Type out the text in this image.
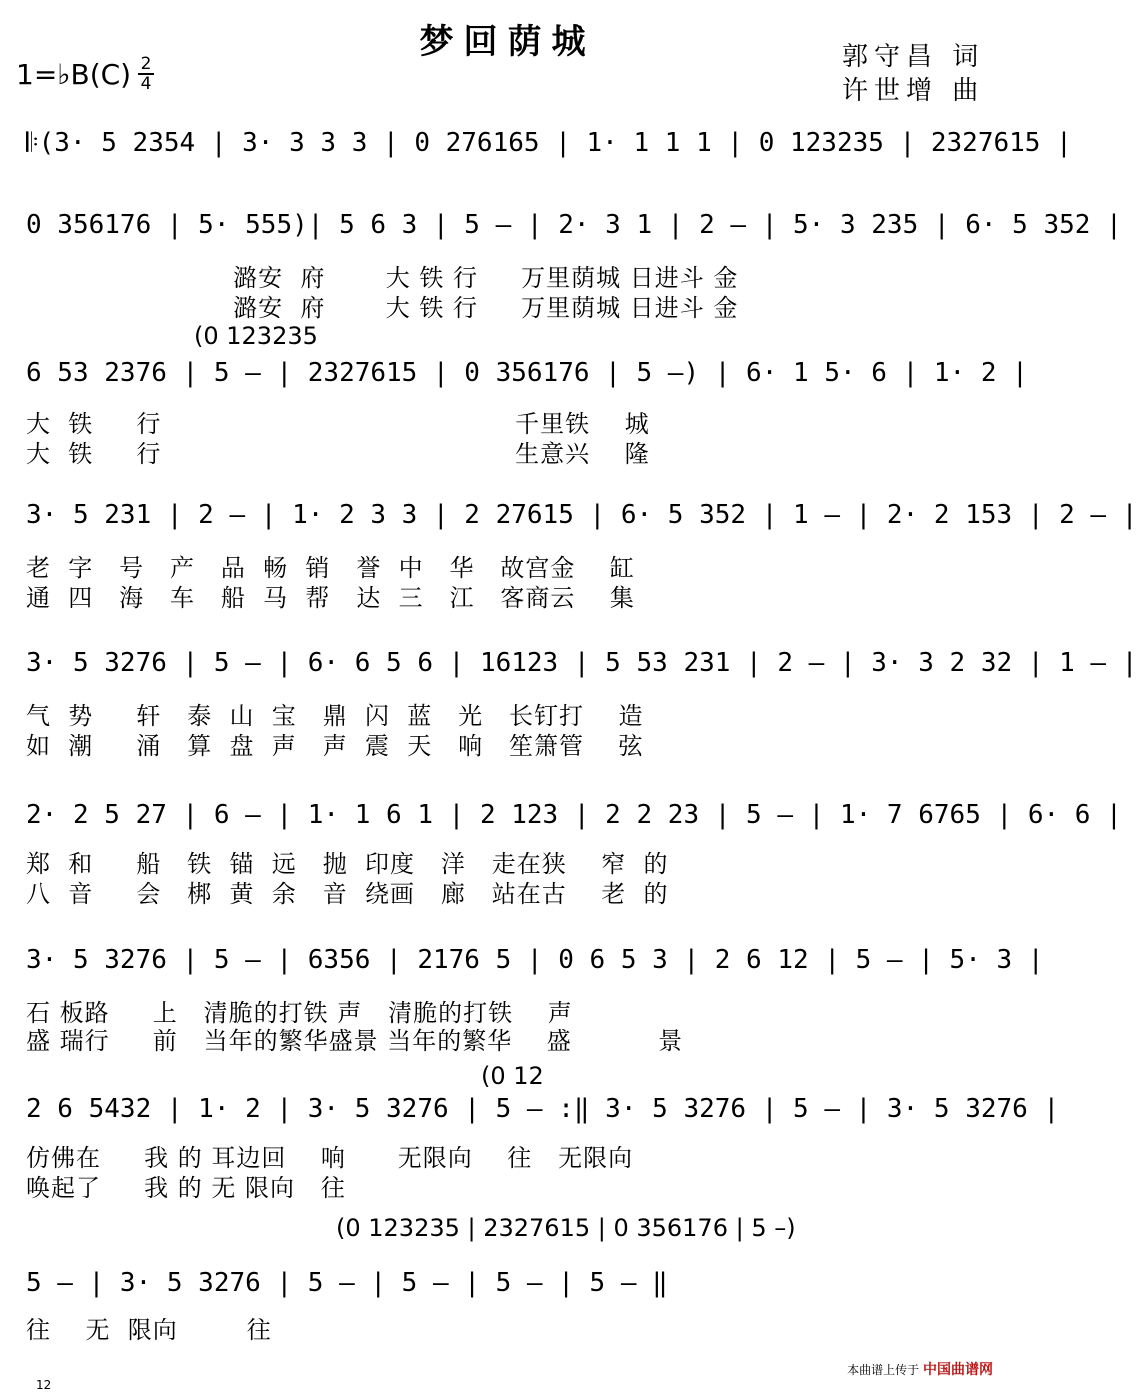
梦回荫城	郭守昌 词
许世增 曲
1=♭B(C) 2
4
𝄆(3· 5 2354 | 3· 3 3 3 | 0 276165 | 1· 1 1 1 | 0 123235 | 2327615 |
0 356176 | 5· 555)| 5 6 3 | 5 – | 2· 3 1 | 2 – | 5· 3 235 | 6· 5 352 |
潞安  府       大 铁 行     万里荫城 日进斗 金
潞安  府       大 铁 行     万里荫城 日进斗 金
(0 123235
6 53 2376 | 5 – | 2327615 | 0 356176 | 5 –) | 6· 1 5· 6 | 1· 2 |
大  铁     行                                         千里铁    城
大  铁     行                                         生意兴    隆
3· 5 231 | 2 – | 1· 2 3 3 | 2 27615 | 6· 5 352 | 1 – | 2· 2 153 | 2 – |
老  字   号   产   品  畅  销   誉  中   华   故宫金    缸
通  四   海   车   船  马  帮   达  三   江   客商云    集
3· 5 3276 | 5 – | 6· 6 5 6 | 16123 | 5 53 231 | 2 – | 3· 3 2 32 | 1 – |
气  势     轩   泰  山  宝   鼎  闪  蓝   光   长钉打    造
如  潮     涌   算  盘  声   声  震  天   响   笙箫管    弦
2· 2 5 27 | 6 – | 1· 1 6 1 | 2 123 | 2 2 23 | 5 – | 1· 7 6765 | 6· 6 |
郑  和     船   铁  锚  远   抛  印度   洋   走在狭    窄  的
八  音     会   梆  黄  余   音  绕画   廊   站在古    老  的
3· 5 3276 | 5 – | 6356 | 2176 5 | 0 6 5 3 | 2 6 12 | 5 – | 5· 3 |
石 板路     上   清脆的打铁 声   清脆的打铁    声
盛 瑞行     前   当年的繁华盛景 当年的繁华    盛          景
(0 12
2 6 5432 | 1· 2 | 3· 5 3276 | 5 – :‖ 3· 5 3276 | 5 – | 3· 5 3276 |
仿佛在     我 的 耳边回    响      无限向    往   无限向
唤起了     我 的 无 限向   往
(0 123235 | 2327615 | 0 356176 | 5 –)
5 – | 3· 5 3276 | 5 – | 5 – | 5 – | 5 – ‖
往    无  限向        往
本曲谱上传于 中国曲谱网
12
